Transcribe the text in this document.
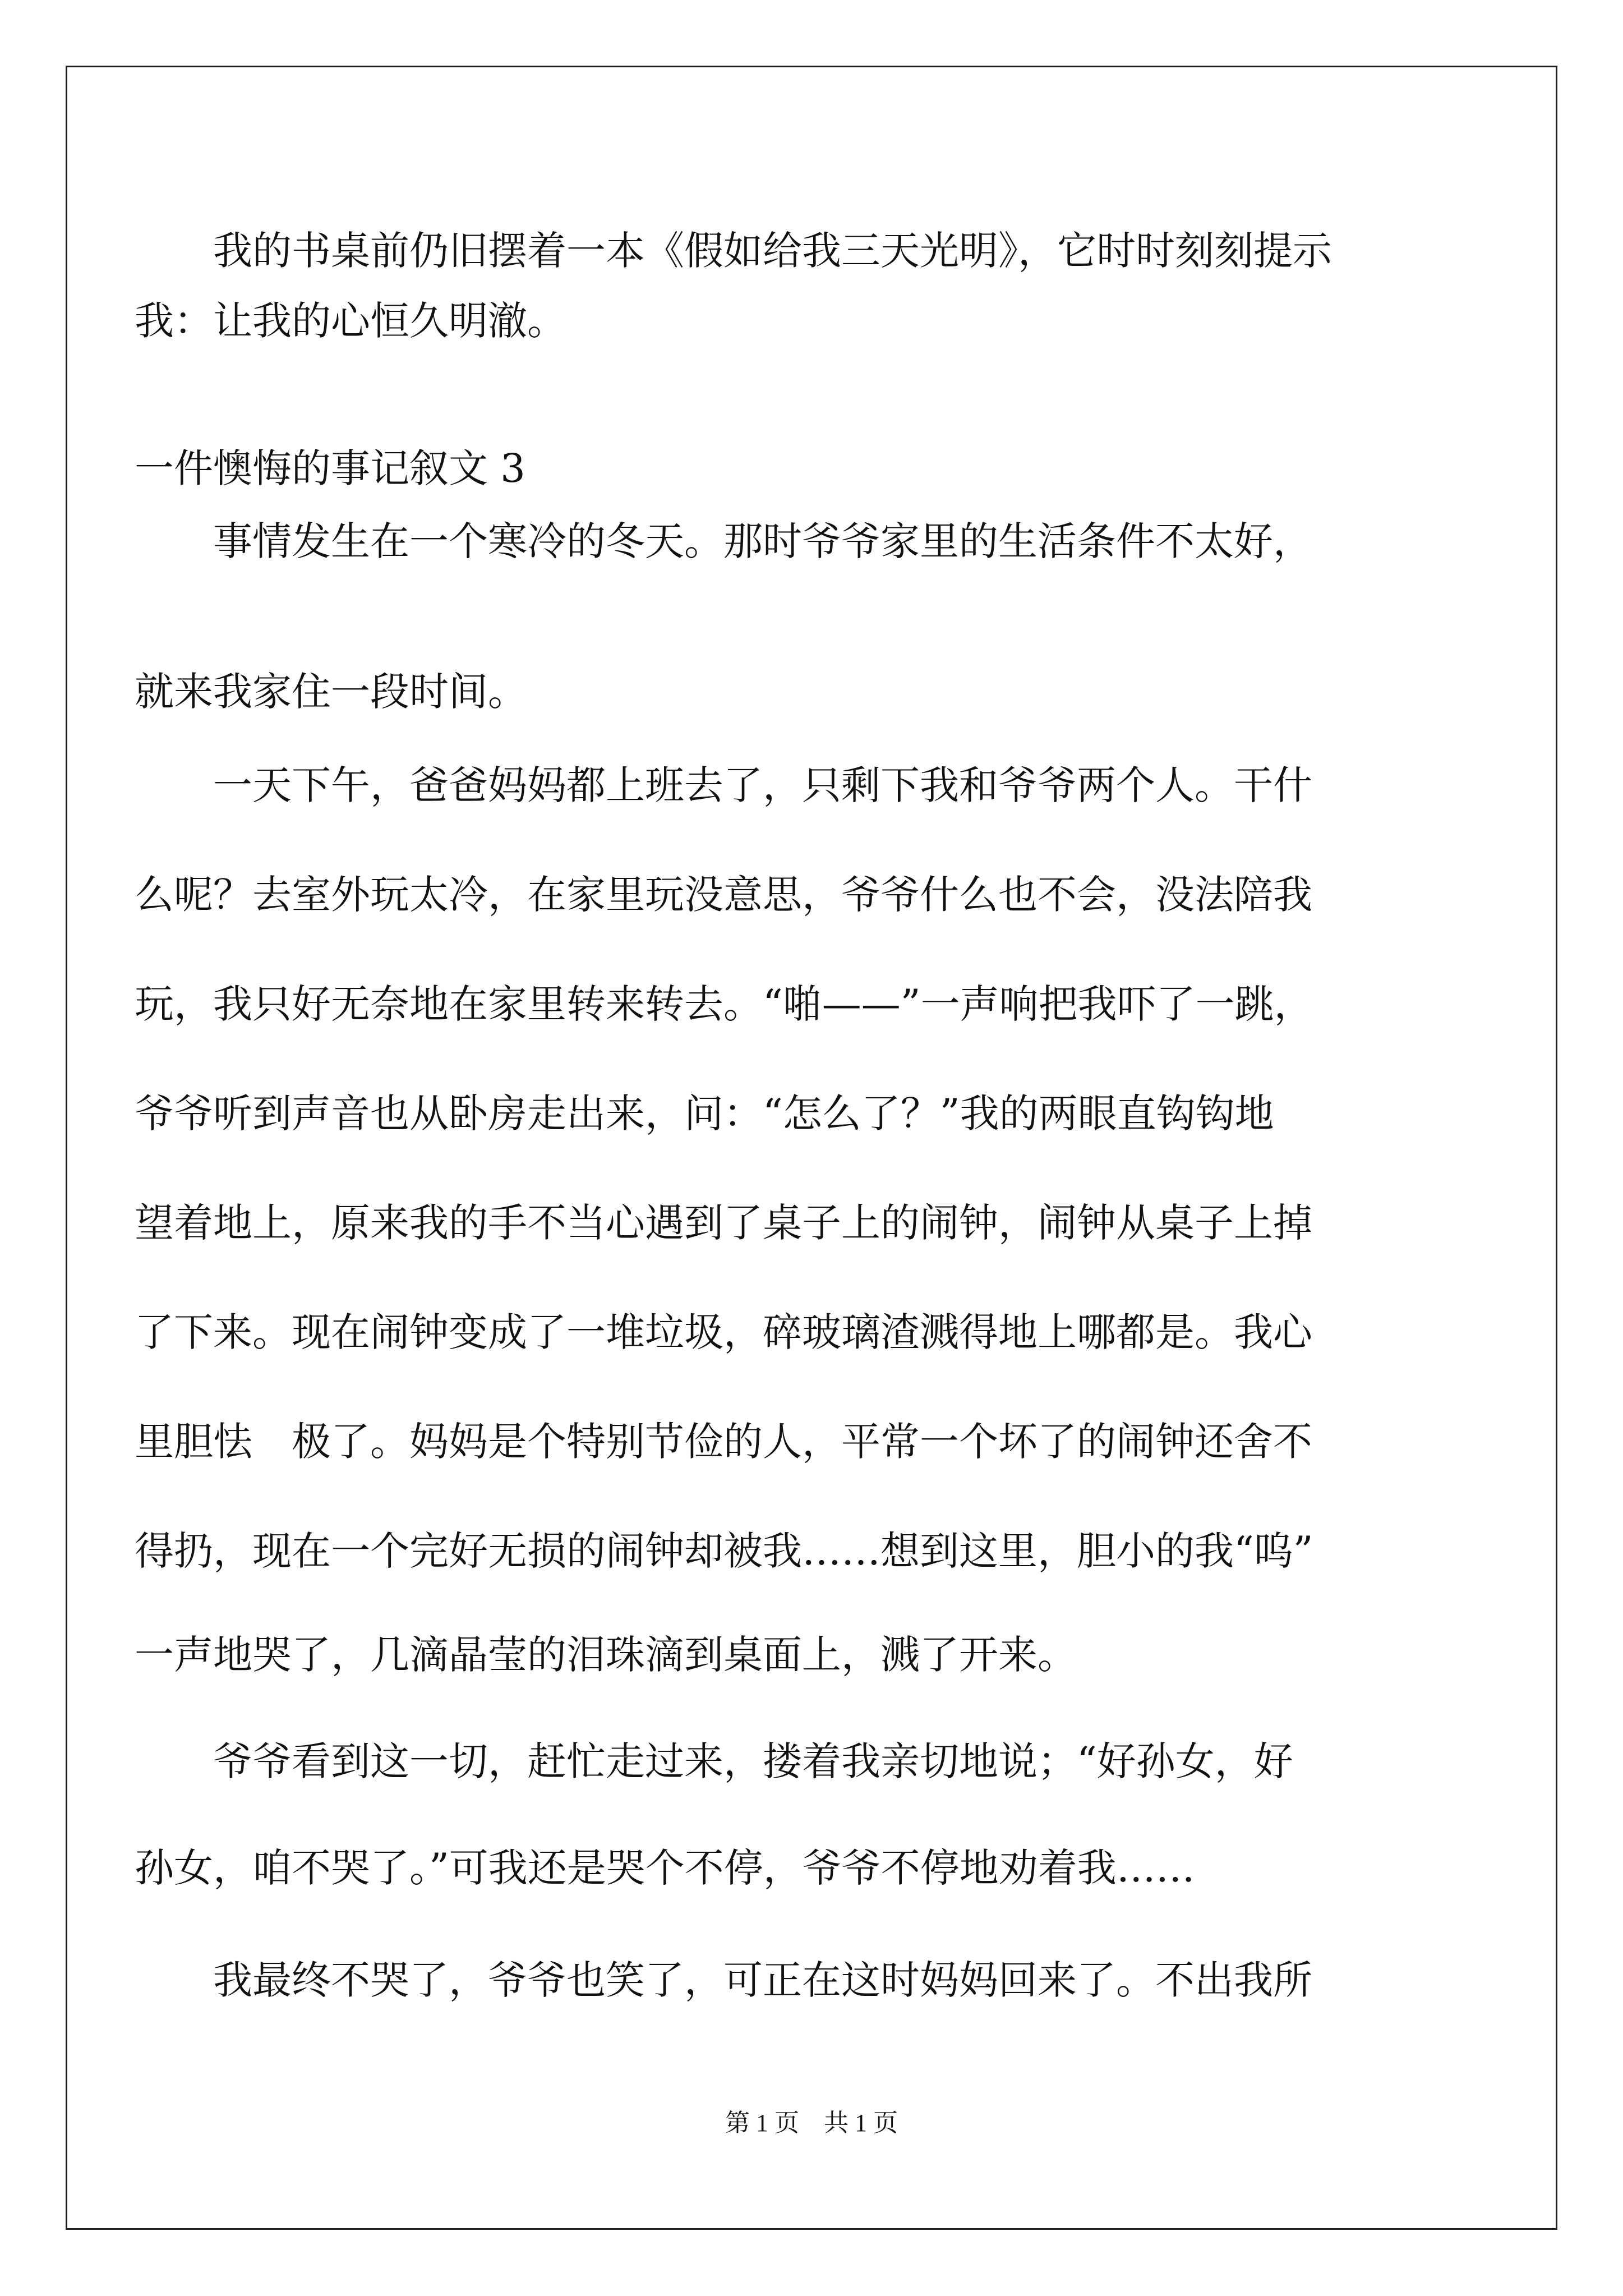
我的书桌前仍旧摆着一本《假如给我三天光明》，它时时刻刻提示
我：让我的心恒久明澈。
一件懊悔的事记叙文 3
事情发生在一个寒冷的冬天。那时爷爷家里的生活条件不太好，
就来我家住一段时间。
一天下午，爸爸妈妈都上班去了，只剩下我和爷爷两个人。干什
么呢？去室外玩太冷，在家里玩没意思，爷爷什么也不会，没法陪我
玩，我只好无奈地在家里转来转去。“啪——”一声响把我吓了一跳，
爷爷听到声音也从卧房走出来，问：“怎么了？”我的两眼直钩钩地
望着地上，原来我的手不当心遇到了桌子上的闹钟，闹钟从桌子上掉
了下来。现在闹钟变成了一堆垃圾，碎玻璃渣溅得地上哪都是。我心
里胆怯　极了。妈妈是个特别节俭的人，平常一个坏了的闹钟还舍不
得扔，现在一个完好无损的闹钟却被我……想到这里，胆小的我“呜”
一声地哭了，几滴晶莹的泪珠滴到桌面上，溅了开来。
爷爷看到这一切，赶忙走过来，搂着我亲切地说；“好孙女，好
孙女，咱不哭了。”可我还是哭个不停，爷爷不停地劝着我……
我最终不哭了，爷爷也笑了，可正在这时妈妈回来了。不出我所
第 1 页　共 1 页
